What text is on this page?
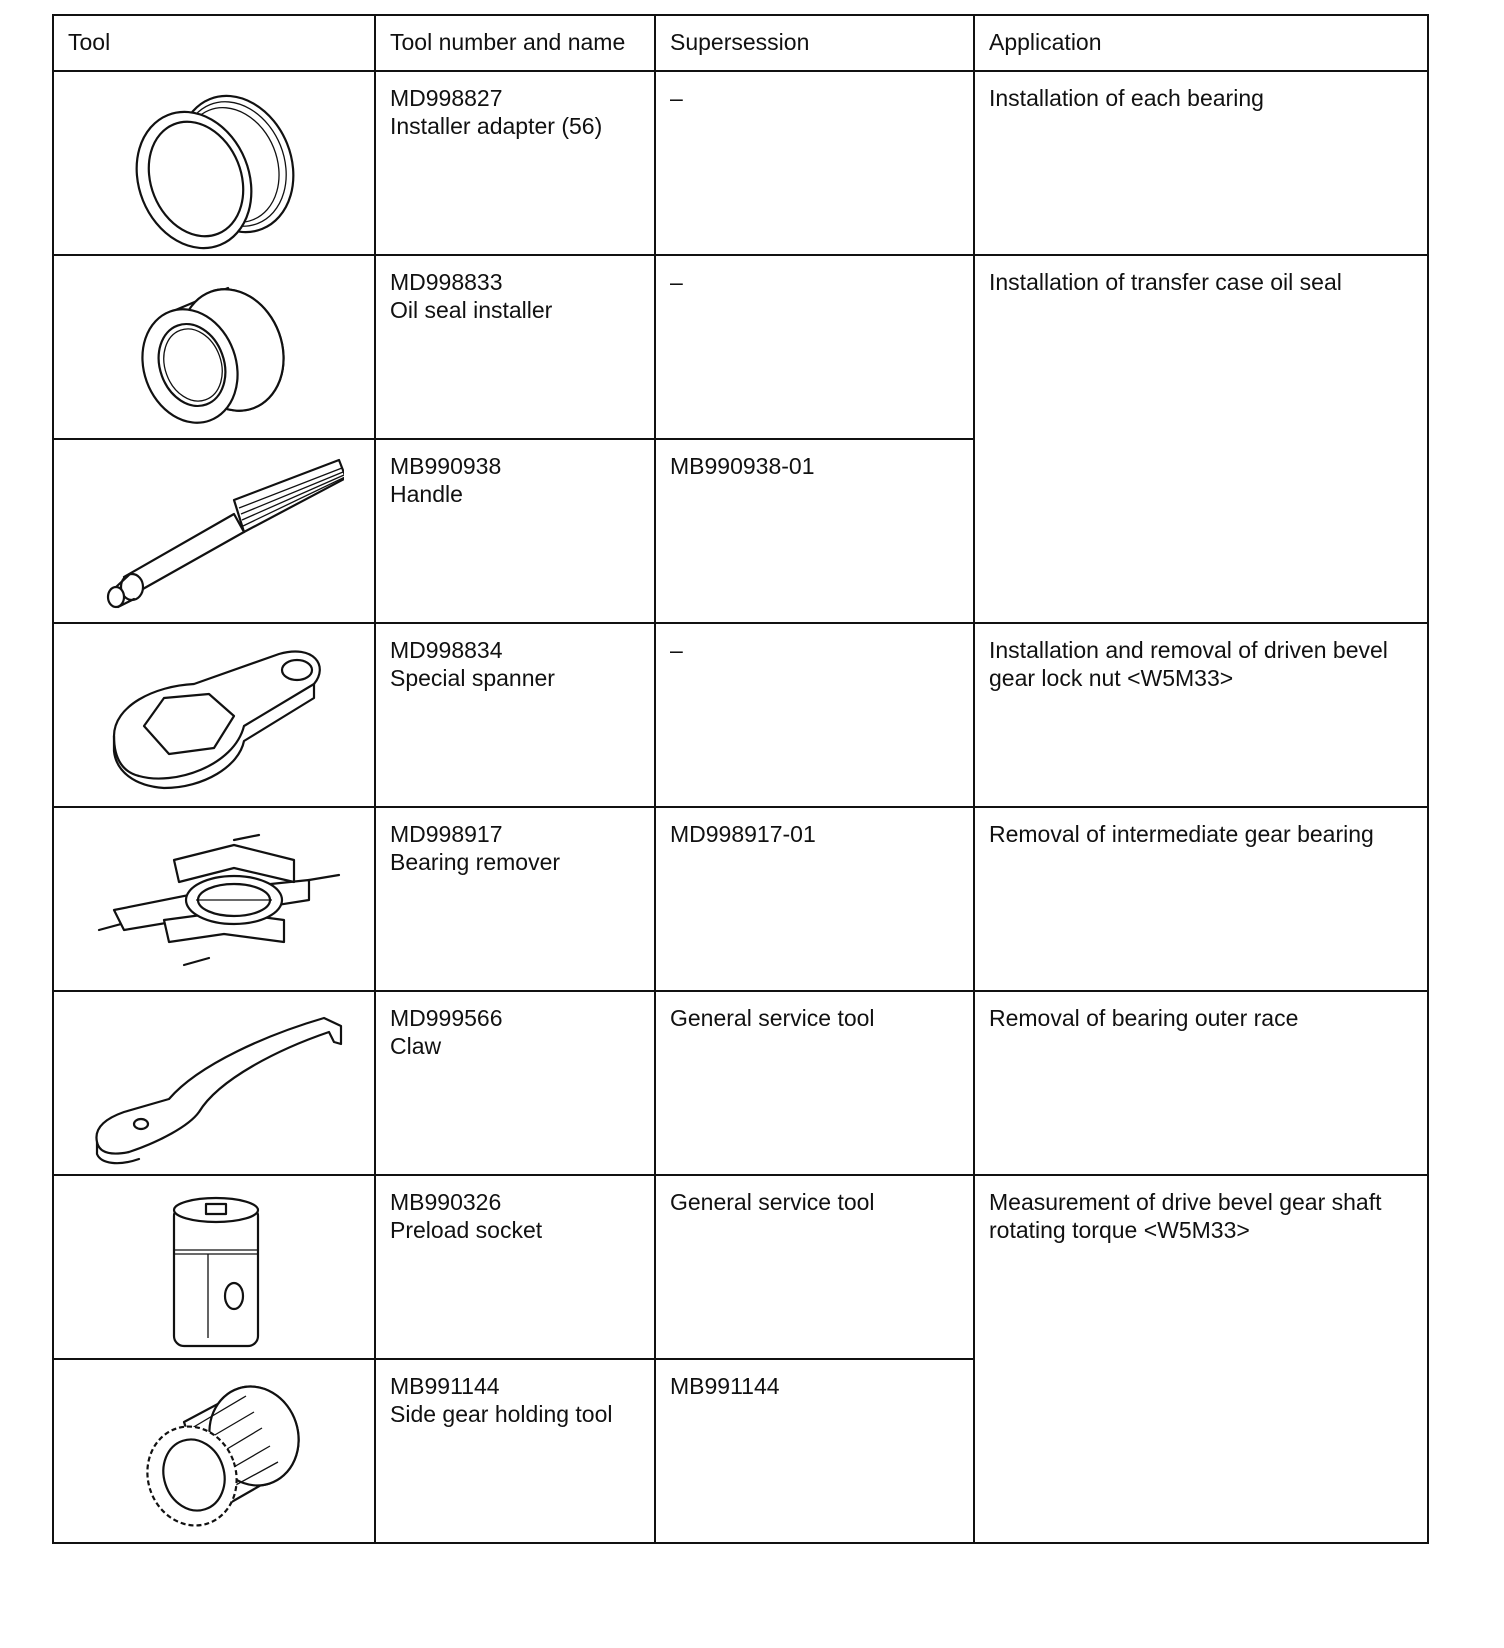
Tool	Tool number and name	Supersession	Application

MD998827
Installer adapter (56)	–	Installation of each bearing

MD998833
Oil seal installer	–	Installation of transfer case oil seal

MB990938
Handle	MB990938-01	

MD998834
Special spanner	–	Installation and removal of driven bevel gear lock nut <W5M33>

MD998917
Bearing remover	MD998917-01	Removal of intermediate gear bearing

MD999566
Claw	General service tool	Removal of bearing outer race

MB990326
Preload socket	General service tool	Measurement of drive bevel gear shaft rotating torque <W5M33>

MB991144
Side gear holding tool	MB991144	
